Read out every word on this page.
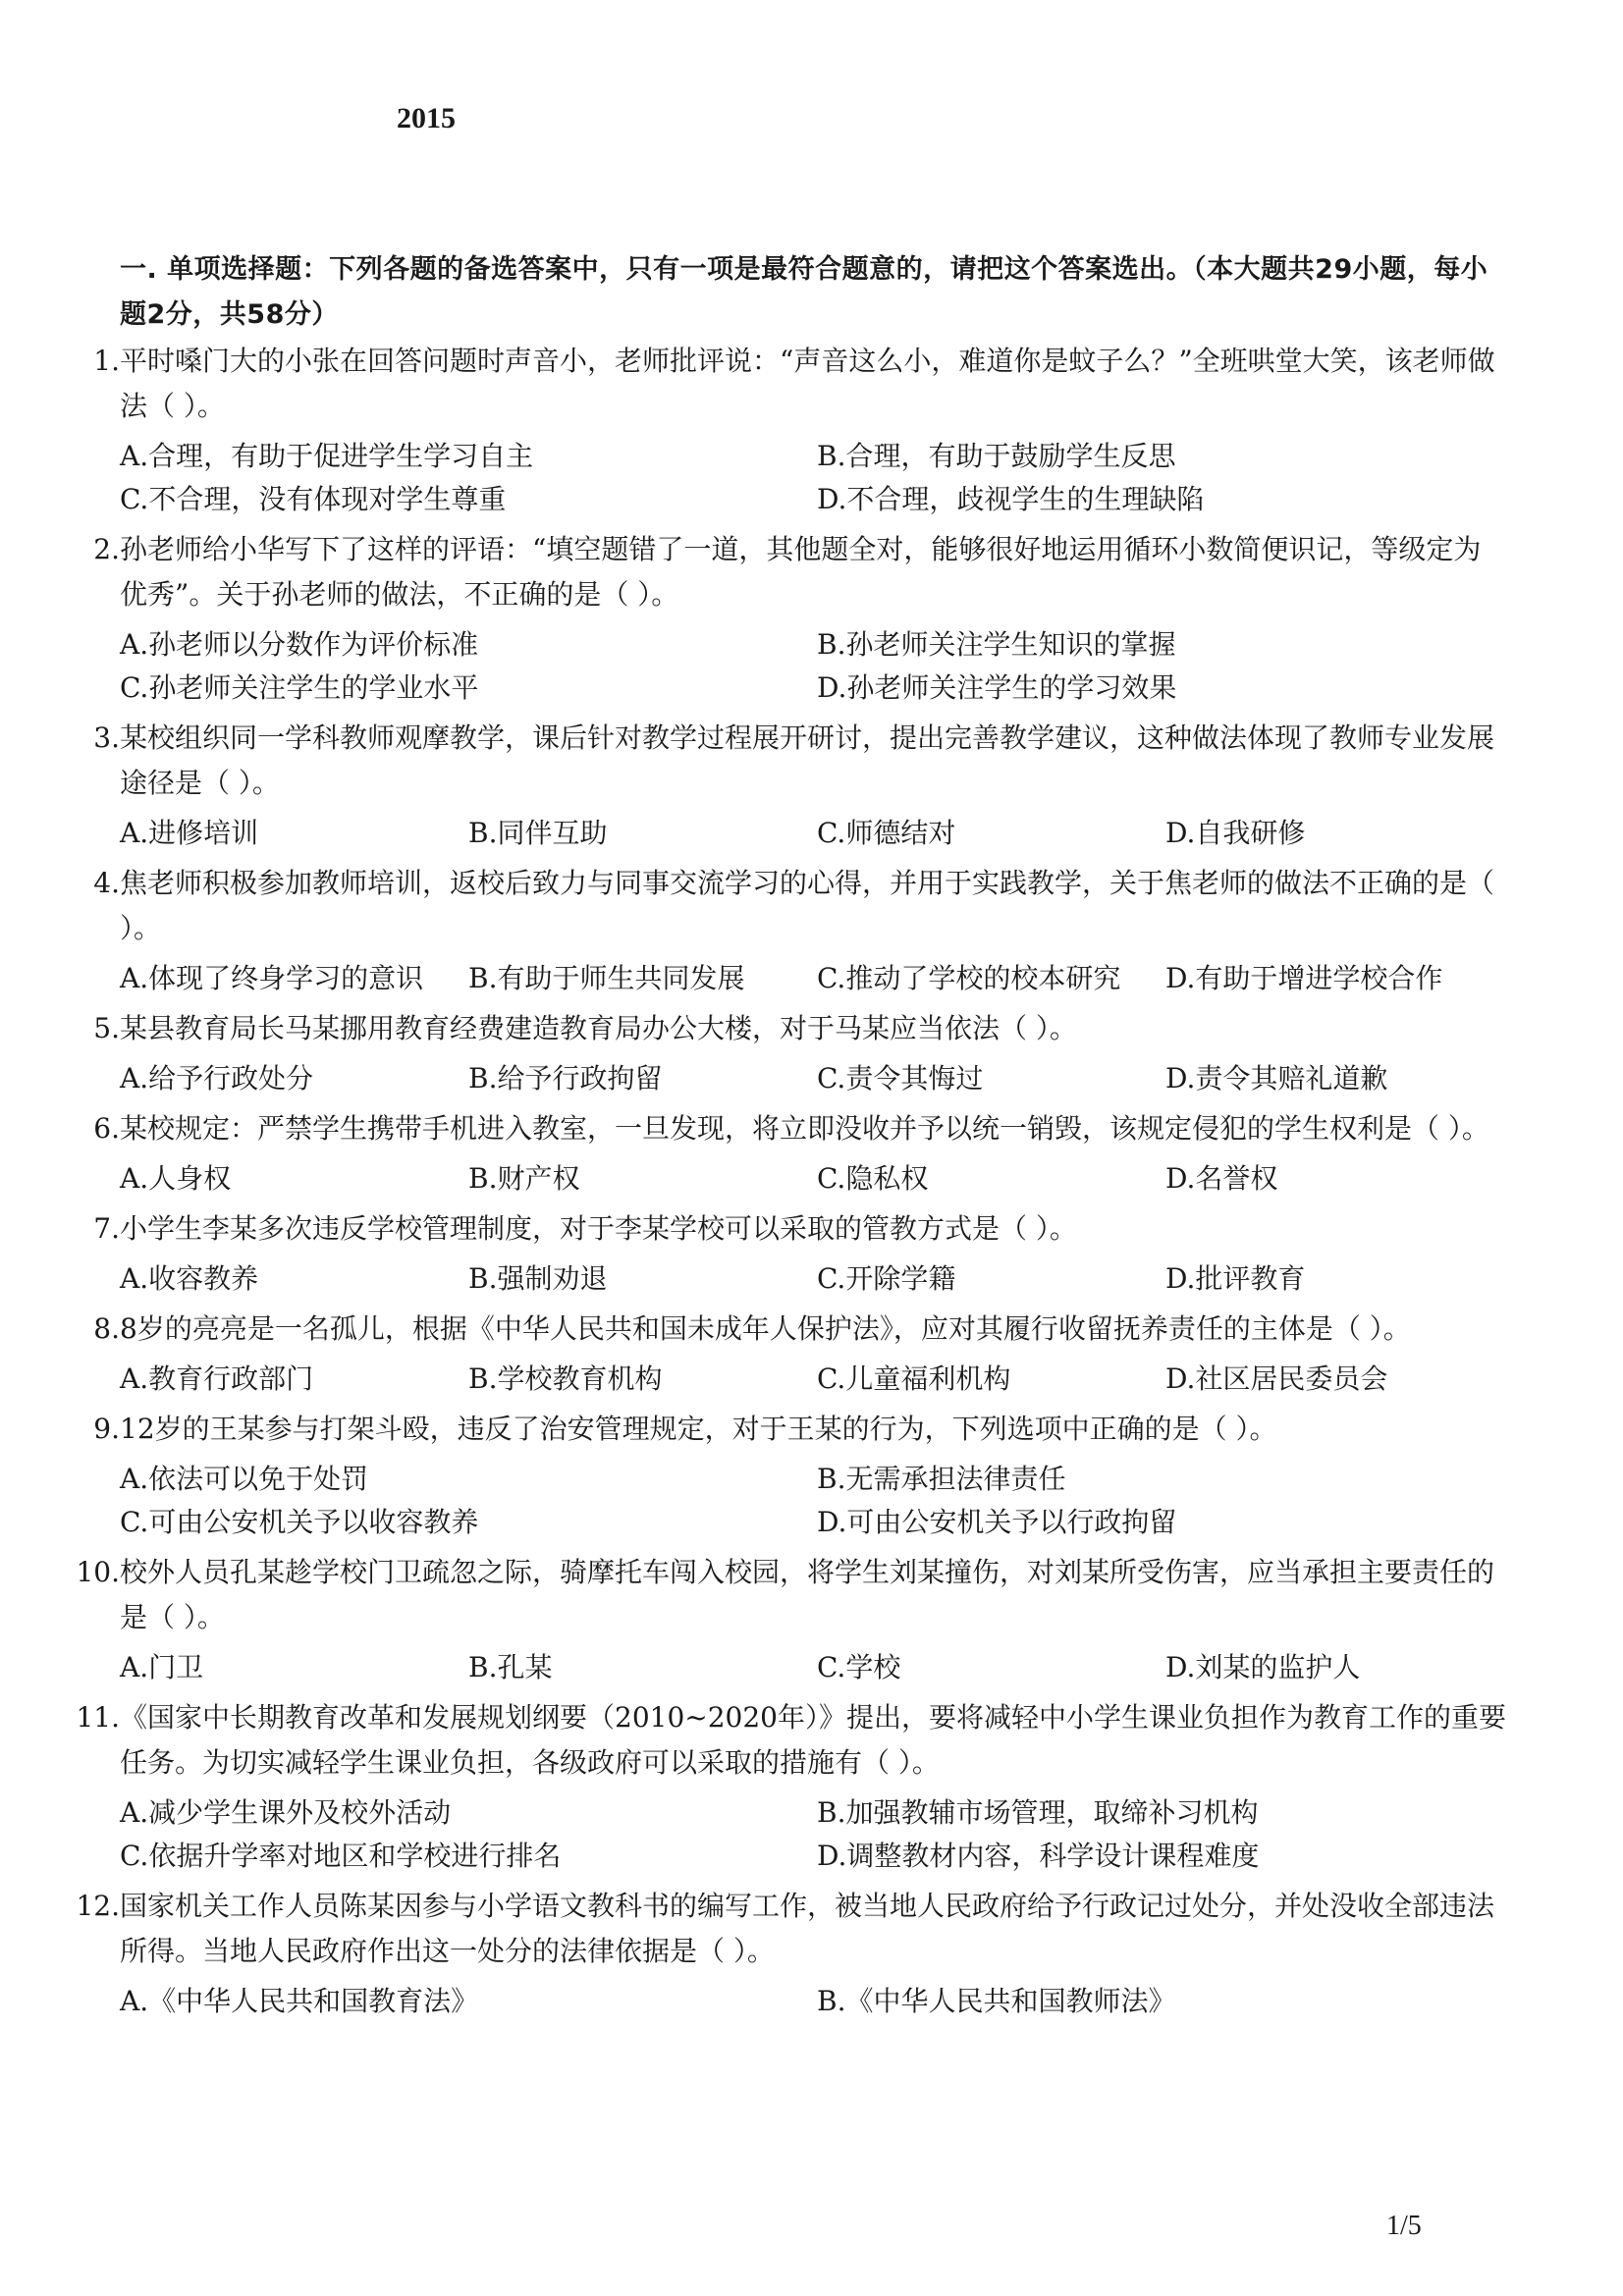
2015
一. 单项选择题：下列各题的备选答案中，只有一项是最符合题意的，请把这个答案选出。（本大题共29小题，每小题2分，共58分）
1. 平时嗓门大的小张在回答问题时声音小，老师批评说：“声音这么小，难道你是蚊子么？”全班哄堂大笑，该老师做法（ ）。
A.合理，有助于促进学生学习自主	B.合理，有助于鼓励学生反思
C.不合理，没有体现对学生尊重	D.不合理，歧视学生的生理缺陷
2. 孙老师给小华写下了这样的评语：“填空题错了一道，其他题全对，能够很好地运用循环小数简便识记，等级定为优秀”。关于孙老师的做法，不正确的是（ ）。
A.孙老师以分数作为评价标准	B.孙老师关注学生知识的掌握
C.孙老师关注学生的学业水平	D.孙老师关注学生的学习效果
3. 某校组织同一学科教师观摩教学，课后针对教学过程展开研讨，提出完善教学建议，这种做法体现了教师专业发展途径是（ ）。
A.进修培训	B.同伴互助	C.师德结对	D.自我研修
4. 焦老师积极参加教师培训，返校后致力与同事交流学习的心得，并用于实践教学，关于焦老师的做法不正确的是（ ）。
A.体现了终身学习的意识	B.有助于师生共同发展	C.推动了学校的校本研究	D.有助于增进学校合作
5. 某县教育局长马某挪用教育经费建造教育局办公大楼，对于马某应当依法（ ）。
A.给予行政处分	B.给予行政拘留	C.责令其悔过	D.责令其赔礼道歉
6. 某校规定：严禁学生携带手机进入教室，一旦发现，将立即没收并予以统一销毁，该规定侵犯的学生权利是（ ）。
A.人身权	B.财产权	C.隐私权	D.名誉权
7. 小学生李某多次违反学校管理制度，对于李某学校可以采取的管教方式是（ ）。
A.收容教养	B.强制劝退	C.开除学籍	D.批评教育
8. 8岁的亮亮是一名孤儿，根据《中华人民共和国未成年人保护法》，应对其履行收留抚养责任的主体是（ ）。
A.教育行政部门	B.学校教育机构	C.儿童福利机构	D.社区居民委员会
9. 12岁的王某参与打架斗殴，违反了治安管理规定，对于王某的行为，下列选项中正确的是（ ）。
A.依法可以免于处罚	B.无需承担法律责任
C.可由公安机关予以收容教养	D.可由公安机关予以行政拘留
10. 校外人员孔某趁学校门卫疏忽之际，骑摩托车闯入校园，将学生刘某撞伤，对刘某所受伤害，应当承担主要责任的是（ ）。
A.门卫	B.孔某	C.学校	D.刘某的监护人
11. 《国家中长期教育改革和发展规划纲要（2010~2020年）》提出，要将减轻中小学生课业负担作为教育工作的重要任务。为切实减轻学生课业负担，各级政府可以采取的措施有（ ）。
A.减少学生课外及校外活动	B.加强教辅市场管理，取缔补习机构
C.依据升学率对地区和学校进行排名	D.调整教材内容，科学设计课程难度
12. 国家机关工作人员陈某因参与小学语文教科书的编写工作，被当地人民政府给予行政记过处分，并处没收全部违法所得。当地人民政府作出这一处分的法律依据是（ ）。
A.《中华人民共和国教育法》	B.《中华人民共和国教师法》
1/5
